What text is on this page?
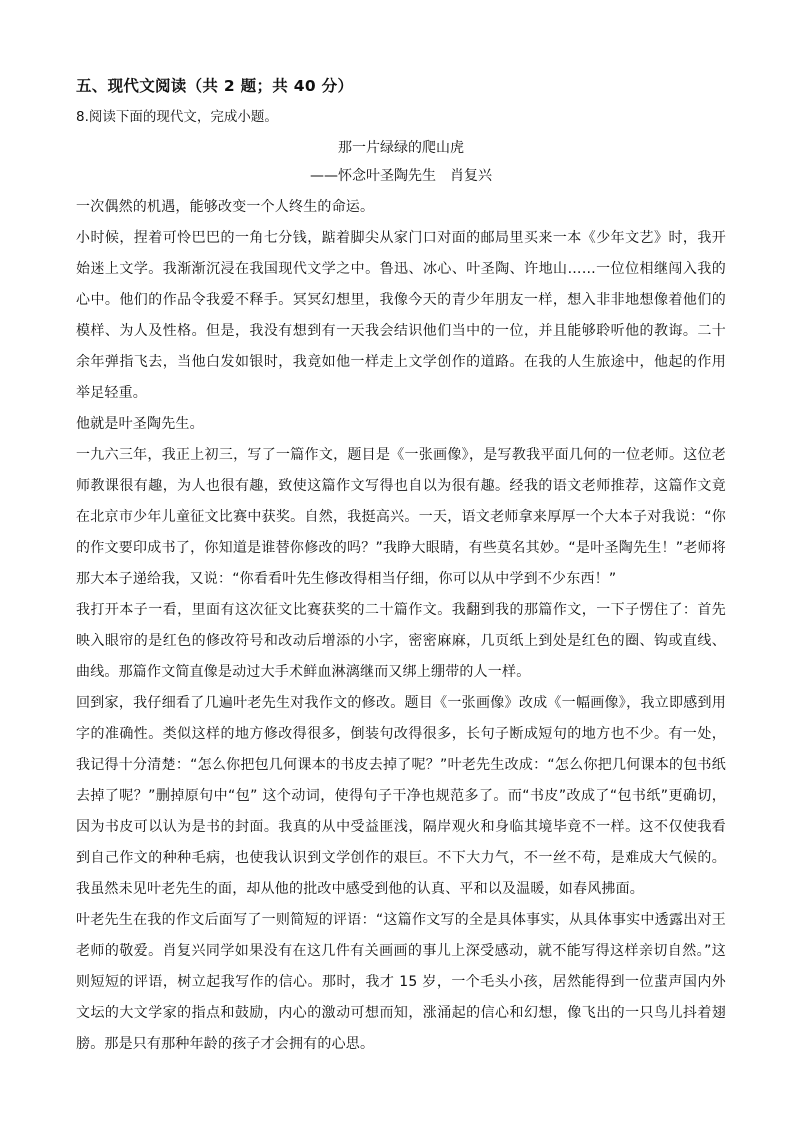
五、现代文阅读（共 2 题；共 40 分）
8.阅读下面的现代文，完成小题。
那一片绿绿的爬山虎
——怀念叶圣陶先生　肖复兴

一次偶然的机遇，能够改变一个人终生的命运。

小时候，捏着可怜巴巴的一角七分钱，踮着脚尖从家门口对面的邮局里买来一本《少年文艺》时，我开始迷上文学。我渐渐沉浸在我国现代文学之中。鲁迅、冰心、叶圣陶、许地山……一位位相继闯入我的心中。他们的作品令我爱不释手。冥冥幻想里，我像今天的青少年朋友一样，想入非非地想像着他们的模样、为人及性格。但是，我没有想到有一天我会结识他们当中的一位，并且能够聆听他的教诲。二十余年弹指飞去，当他白发如银时，我竟如他一样走上文学创作的道路。在我的人生旅途中，他起的作用举足轻重。

他就是叶圣陶先生。

一九六三年，我正上初三，写了一篇作文，题目是《一张画像》，是写教我平面几何的一位老师。这位老师教课很有趣，为人也很有趣，致使这篇作文写得也自以为很有趣。经我的语文老师推荐，这篇作文竟在北京市少年儿童征文比赛中获奖。自然，我挺高兴。一天，语文老师拿来厚厚一个大本子对我说：“你的作文要印成书了，你知道是谁替你修改的吗？”我睁大眼睛，有些莫名其妙。“是叶圣陶先生！”老师将那大本子递给我，又说：“你看看叶先生修改得相当仔细，你可以从中学到不少东西！”

我打开本子一看，里面有这次征文比赛获奖的二十篇作文。我翻到我的那篇作文，一下子愣住了：首先映入眼帘的是红色的修改符号和改动后增添的小字，密密麻麻，几页纸上到处是红色的圈、钩或直线、曲线。那篇作文简直像是动过大手术鲜血淋漓继而又绑上绷带的人一样。

回到家，我仔细看了几遍叶老先生对我作文的修改。题目《一张画像》改成《一幅画像》，我立即感到用字的准确性。类似这样的地方修改得很多，倒装句改得很多，长句子断成短句的地方也不少。有一处，我记得十分清楚：“怎么你把包几何课本的书皮去掉了呢？”叶老先生改成：“怎么你把几何课本的包书纸去掉了呢？”删掉原句中“包” 这个动词，使得句子干净也规范多了。而“书皮”改成了“包书纸”更确切，因为书皮可以认为是书的封面。我真的从中受益匪浅，隔岸观火和身临其境毕竟不一样。这不仅使我看到自己作文的种种毛病，也使我认识到文学创作的艰巨。不下大力气，不一丝不苟，是难成大气候的。我虽然未见叶老先生的面，却从他的批改中感受到他的认真、平和以及温暖，如春风拂面。

叶老先生在我的作文后面写了一则简短的评语：“这篇作文写的全是具体事实，从具体事实中透露出对王老师的敬爱。肖复兴同学如果没有在这几件有关画画的事儿上深受感动，就不能写得这样亲切自然。”这则短短的评语，树立起我写作的信心。那时，我才 15 岁，一个毛头小孩，居然能得到一位蜚声国内外文坛的大文学家的指点和鼓励，内心的激动可想而知，涨涌起的信心和幻想，像飞出的一只鸟儿抖着翅膀。那是只有那种年龄的孩子才会拥有的心思。
